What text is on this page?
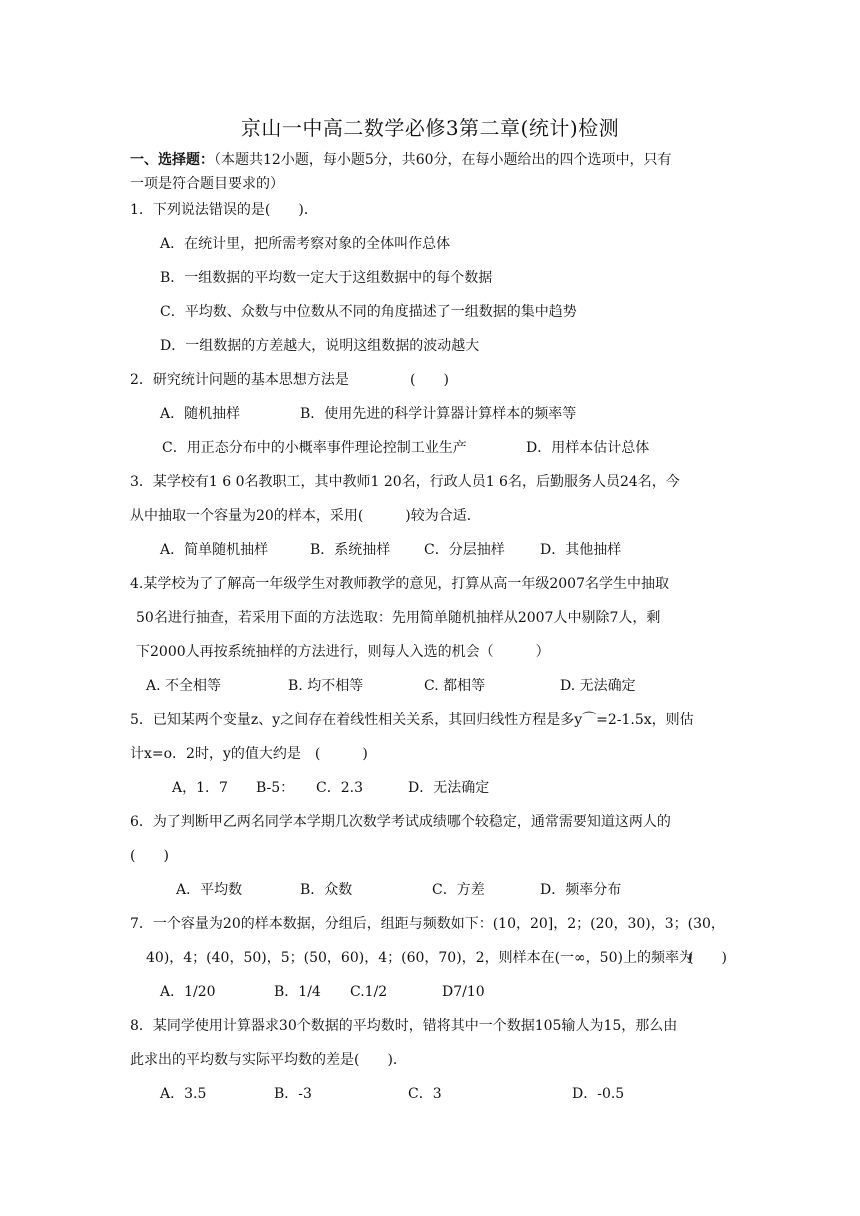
京山一中高二数学必修3第二章(统计)检测
一、选择题：（本题共12小题，每小题5分，共60分，在每小题给出的四个选项中，只有
一项是符合题目要求的）
1．下列说法错误的是(　　)．
A．在统计里，把所需考察对象的全体叫作总体
B．一组数据的平均数一定大于这组数据中的每个数据
C．平均数、众数与中位数从不同的角度描述了一组数据的集中趋势
D．一组数据的方差越大，说明这组数据的波动越大
2．研究统计问题的基本思想方法是	(　　)
A．随机抽样	B．使用先进的科学计算器计算样本的频率等
C．用正态分布中的小概率事件理论控制工业生产	D．用样本估计总体
3．某学校有1 6 0名教职工，其中教师1 20名，行政人员1 6名，后勤服务人员24名，今
从中抽取一个容量为20的样本，采用(　　　)较为合适．
A．简单随机抽样	B．系统抽样 C．分层抽样	D．其他抽样
4.某学校为了了解高一年级学生对教师教学的意见，打算从高一年级2007名学生中抽取
50名进行抽查，若采用下面的方法选取：先用简单随机抽样从2007人中剔除7人，剩
下2000人再按系统抽样的方法进行，则每人入选的机会（　　　）
A. 不全相等	B. 均不相等	C. 都相等	D. 无法确定
5．已知某两个变量z、y之间存在着线性相关关系，其回归线性方程是多y⌒=2-1.5x，则估
计x=o．2时，y的值大约是　(　　　)
A，1．7 B-5： C．2.3	D．无法确定
6．为了判断甲乙两名同学本学期几次数学考试成绩哪个较稳定，通常需要知道这两人的
(　　)
A．平均数	B．众数	C．方差	D．频率分布
7．一个容量为20的样本数据，分组后，组距与频数如下：(10，20]，2；(20，30)，3；(30，
40)，4；(40，50)，5；(50，60)，4；(60，70)，2，则样本在(一∞，50)上的频率为
(　　)
A．1/20	B．1/4 C.1/2	D7/10
8．某同学使用计算器求30个数据的平均数时，错将其中一个数据105输人为15，那么由
此求出的平均数与实际平均数的差是(　　)．
A．3.5	B．-3	C．3	D．-0.5
